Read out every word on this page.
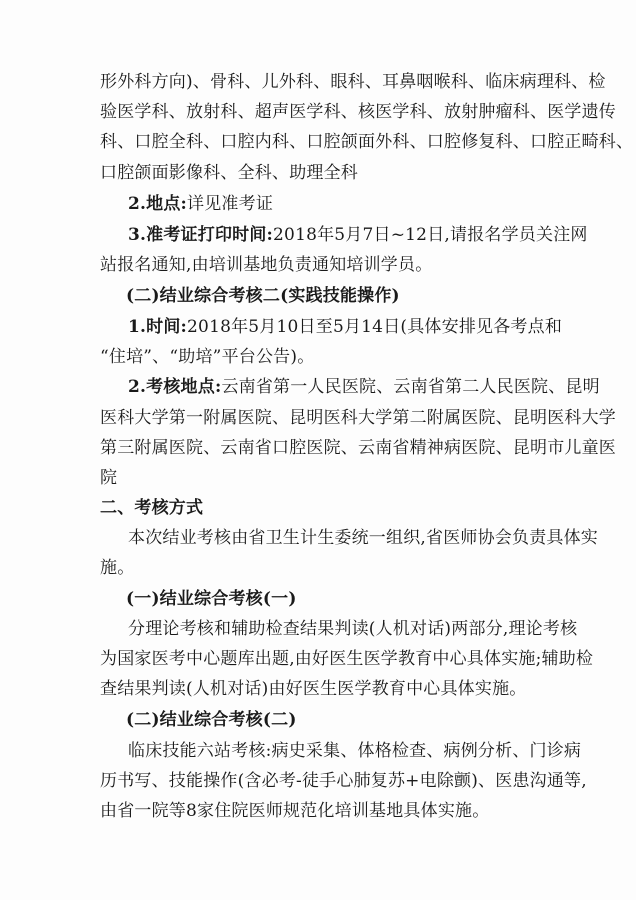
形外科方向)、骨科、儿外科、眼科、耳鼻咽喉科、临床病理科、检
验医学科、放射科、超声医学科、核医学科、放射肿瘤科、医学遗传
科、口腔全科、口腔内科、口腔颌面外科、口腔修复科、口腔正畸科、
口腔颌面影像科、全科、助理全科
2.地点:详见准考证
3.准考证打印时间:2018年5月7日~12日,请报名学员关注网
站报名通知,由培训基地负责通知培训学员。
(二)结业综合考核二(实践技能操作)
1.时间:2018年5月10日至5月14日(具体安排见各考点和
“住培”、“助培”平台公告)。
2.考核地点:云南省第一人民医院、云南省第二人民医院、昆明
医科大学第一附属医院、昆明医科大学第二附属医院、昆明医科大学
第三附属医院、云南省口腔医院、云南省精神病医院、昆明市儿童医
院
二、考核方式
本次结业考核由省卫生计生委统一组织,省医师协会负责具体实
施。
(一)结业综合考核(一)
分理论考核和辅助检查结果判读(人机对话)两部分,理论考核
为国家医考中心题库出题,由好医生医学教育中心具体实施;辅助检
查结果判读(人机对话)由好医生医学教育中心具体实施。
(二)结业综合考核(二)
临床技能六站考核:病史采集、体格检查、病例分析、门诊病
历书写、技能操作(含必考-徒手心肺复苏+电除颤)、医患沟通等,
由省一院等8家住院医师规范化培训基地具体实施。
